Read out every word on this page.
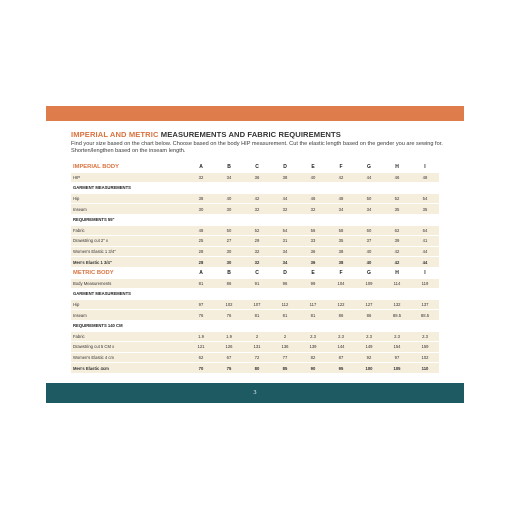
IMPERIAL AND METRIC MEASUREMENTS AND FABRIC REQUIREMENTS
Find your size based on the chart below. Choose based on the body HIP measurement. Cut the elastic length based on the gender you are sewing for. Shorten/lengthen based on the inseam length.
IMPERIAL BODY	A	B	C	D	E	F	G	H	I
HIP	32	34	36	38	40	42	44	46	48
GARMENT MEASUREMENTS									
Hip	38	40	42	44	46	48	50	52	54
Inseam	30	30	32	32	32	34	34	35	35
REQUIREMENTS 55"									
Fabric	48	50	52	54	56	58	60	62	64
Drawstring cut 2" x	25	27	29	31	33	35	37	39	41
Women's Elastic 1 3/4"	28	30	32	34	36	38	40	42	44
Men's Elastic 1 3/4"	28	30	32	34	36	38	40	42	44
METRIC BODY	A	B	C	D	E	F	G	H	I
Body Measurements	81	86	91	96	99	104	109	114	119
GARMENT MEASUREMENTS									
Hip	97	102	107	112	117	122	127	132	137
Inseam	76	76	81	81	81	86	86	88.5	88.5
REQUIREMENTS 140 CM									
Fabric	1.9	1.9	2	2	2.3	2.3	2.3	2.3	2.3
Drawstring cut 5 CM x	121	126	131	136	139	144	149	154	159
Women's Elastic 4 cm	62	67	72	77	82	87	92	97	102
Men's Elastic 4cm	70	75	80	85	90	95	100	105	110
3
